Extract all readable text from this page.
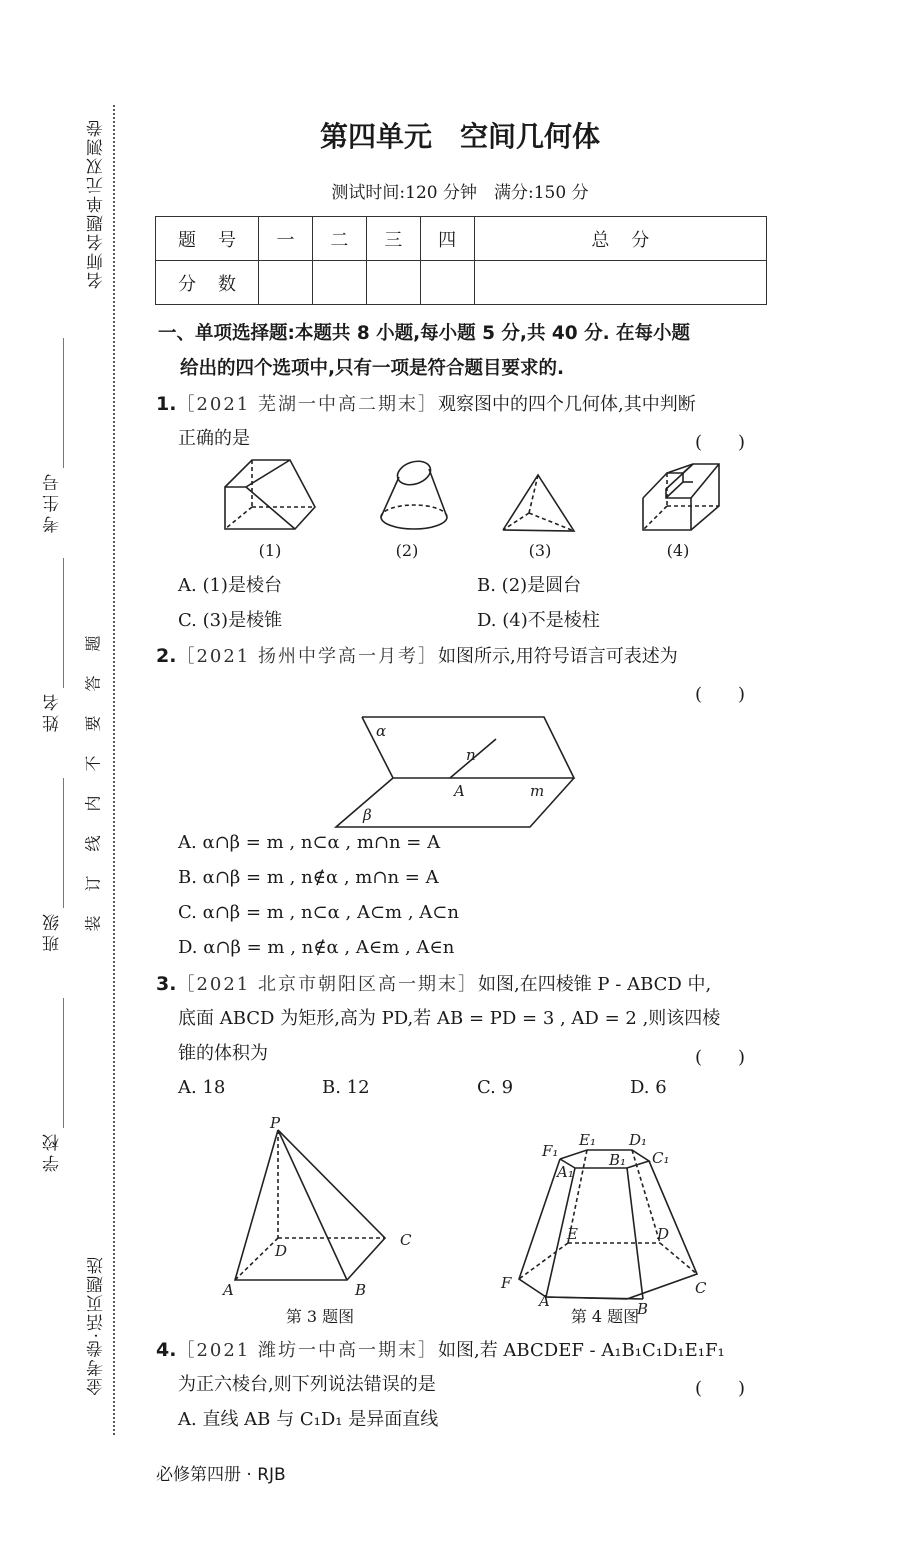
名师名题单元双测卷
金考卷·活页题选
考生号
姓名
班级
学校
题
答
要
不
内
线
订
装
第四单元　空间几何体
测试时间:120 分钟　满分:150 分
题号	一	二	三	四	总分
分数					
一、单项选择题:本题共 8 小题,每小题 5 分,共 40 分. 在每小题
给出的四个选项中,只有一项是符合题目要求的.
1.［2021 芜湖一中高二期末］观察图中的四个几何体,其中判断
正确的是	(　　)
(1)	(2)	(3)	(4)
A. (1)是棱台	B. (2)是圆台
C. (3)是棱锥	D. (4)不是棱柱
2.［2021 扬州中学高一月考］如图所示,用符号语言可表述为
(　　)
α
n
A	m
β
A. α∩β = m , n⊂α , m∩n = A
B. α∩β = m , n∉α , m∩n = A
C. α∩β = m , n⊂α , A⊂m , A⊂n
D. α∩β = m , n∉α , A∈m , A∈n
3.［2021 北京市朝阳区高一期末］如图,在四棱锥 P - ABCD 中,
底面 ABCD 为矩形,高为 PD,若 AB = PD = 3 , AD = 2 ,则该四棱
锥的体积为	(　　)
A. 18	B. 12	C. 9	D. 6
P
D
C
A	B
第 3 题图
F₁
E₁ D₁
C₁
B₁
A₁
E	D
F	C
A	B
第 4 题图
4.［2021 潍坊一中高一期末］如图,若 ABCDEF - A₁B₁C₁D₁E₁F₁
为正六棱台,则下列说法错误的是	(　　)
A. 直线 AB 与 C₁D₁ 是异面直线
必修第四册 · RJB
